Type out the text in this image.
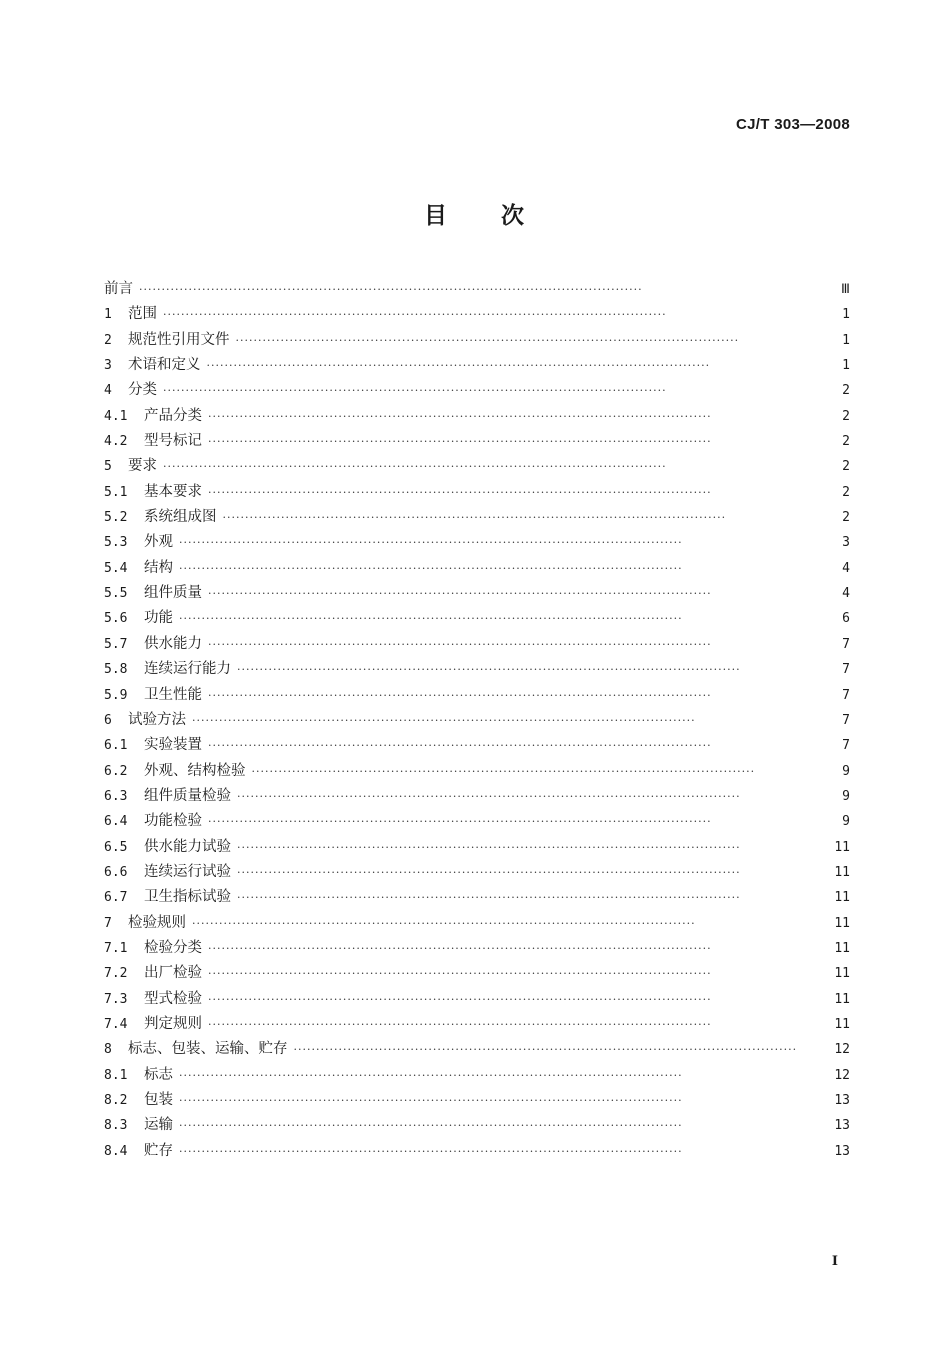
CJ/T 303—2008
目 次
前言 ·····	Ⅲ
1	范围 ·····	1
2	规范性引用文件 ·····	1
3	术语和定义 ·····	1
4	分类 ·····	2
4.1	产品分类 ·····	2
4.2	型号标记 ·····	2
5	要求 ·····	2
5.1	基本要求 ·····	2
5.2	系统组成图 ·····	2
5.3	外观 ·····	3
5.4	结构 ·····	4
5.5	组件质量 ·····	4
5.6	功能 ·····	6
5.7	供水能力 ·····	7
5.8	连续运行能力 ·····	7
5.9	卫生性能 ·····	7
6	试验方法 ·····	7
6.1	实验装置 ·····	7
6.2	外观、结构检验 ·····	9
6.3	组件质量检验 ·····	9
6.4	功能检验 ·····	9
6.5	供水能力试验 ·····	11
6.6	连续运行试验 ·····	11
6.7	卫生指标试验 ·····	11
7	检验规则 ·····	11
7.1	检验分类 ·····	11
7.2	出厂检验 ·····	11
7.3	型式检验 ·····	11
7.4	判定规则 ·····	11
8	标志、包装、运输、贮存 ·····	12
8.1	标志 ·····	12
8.2	包装 ·····	13
8.3	运输 ·····	13
8.4	贮存 ·····	13
I
